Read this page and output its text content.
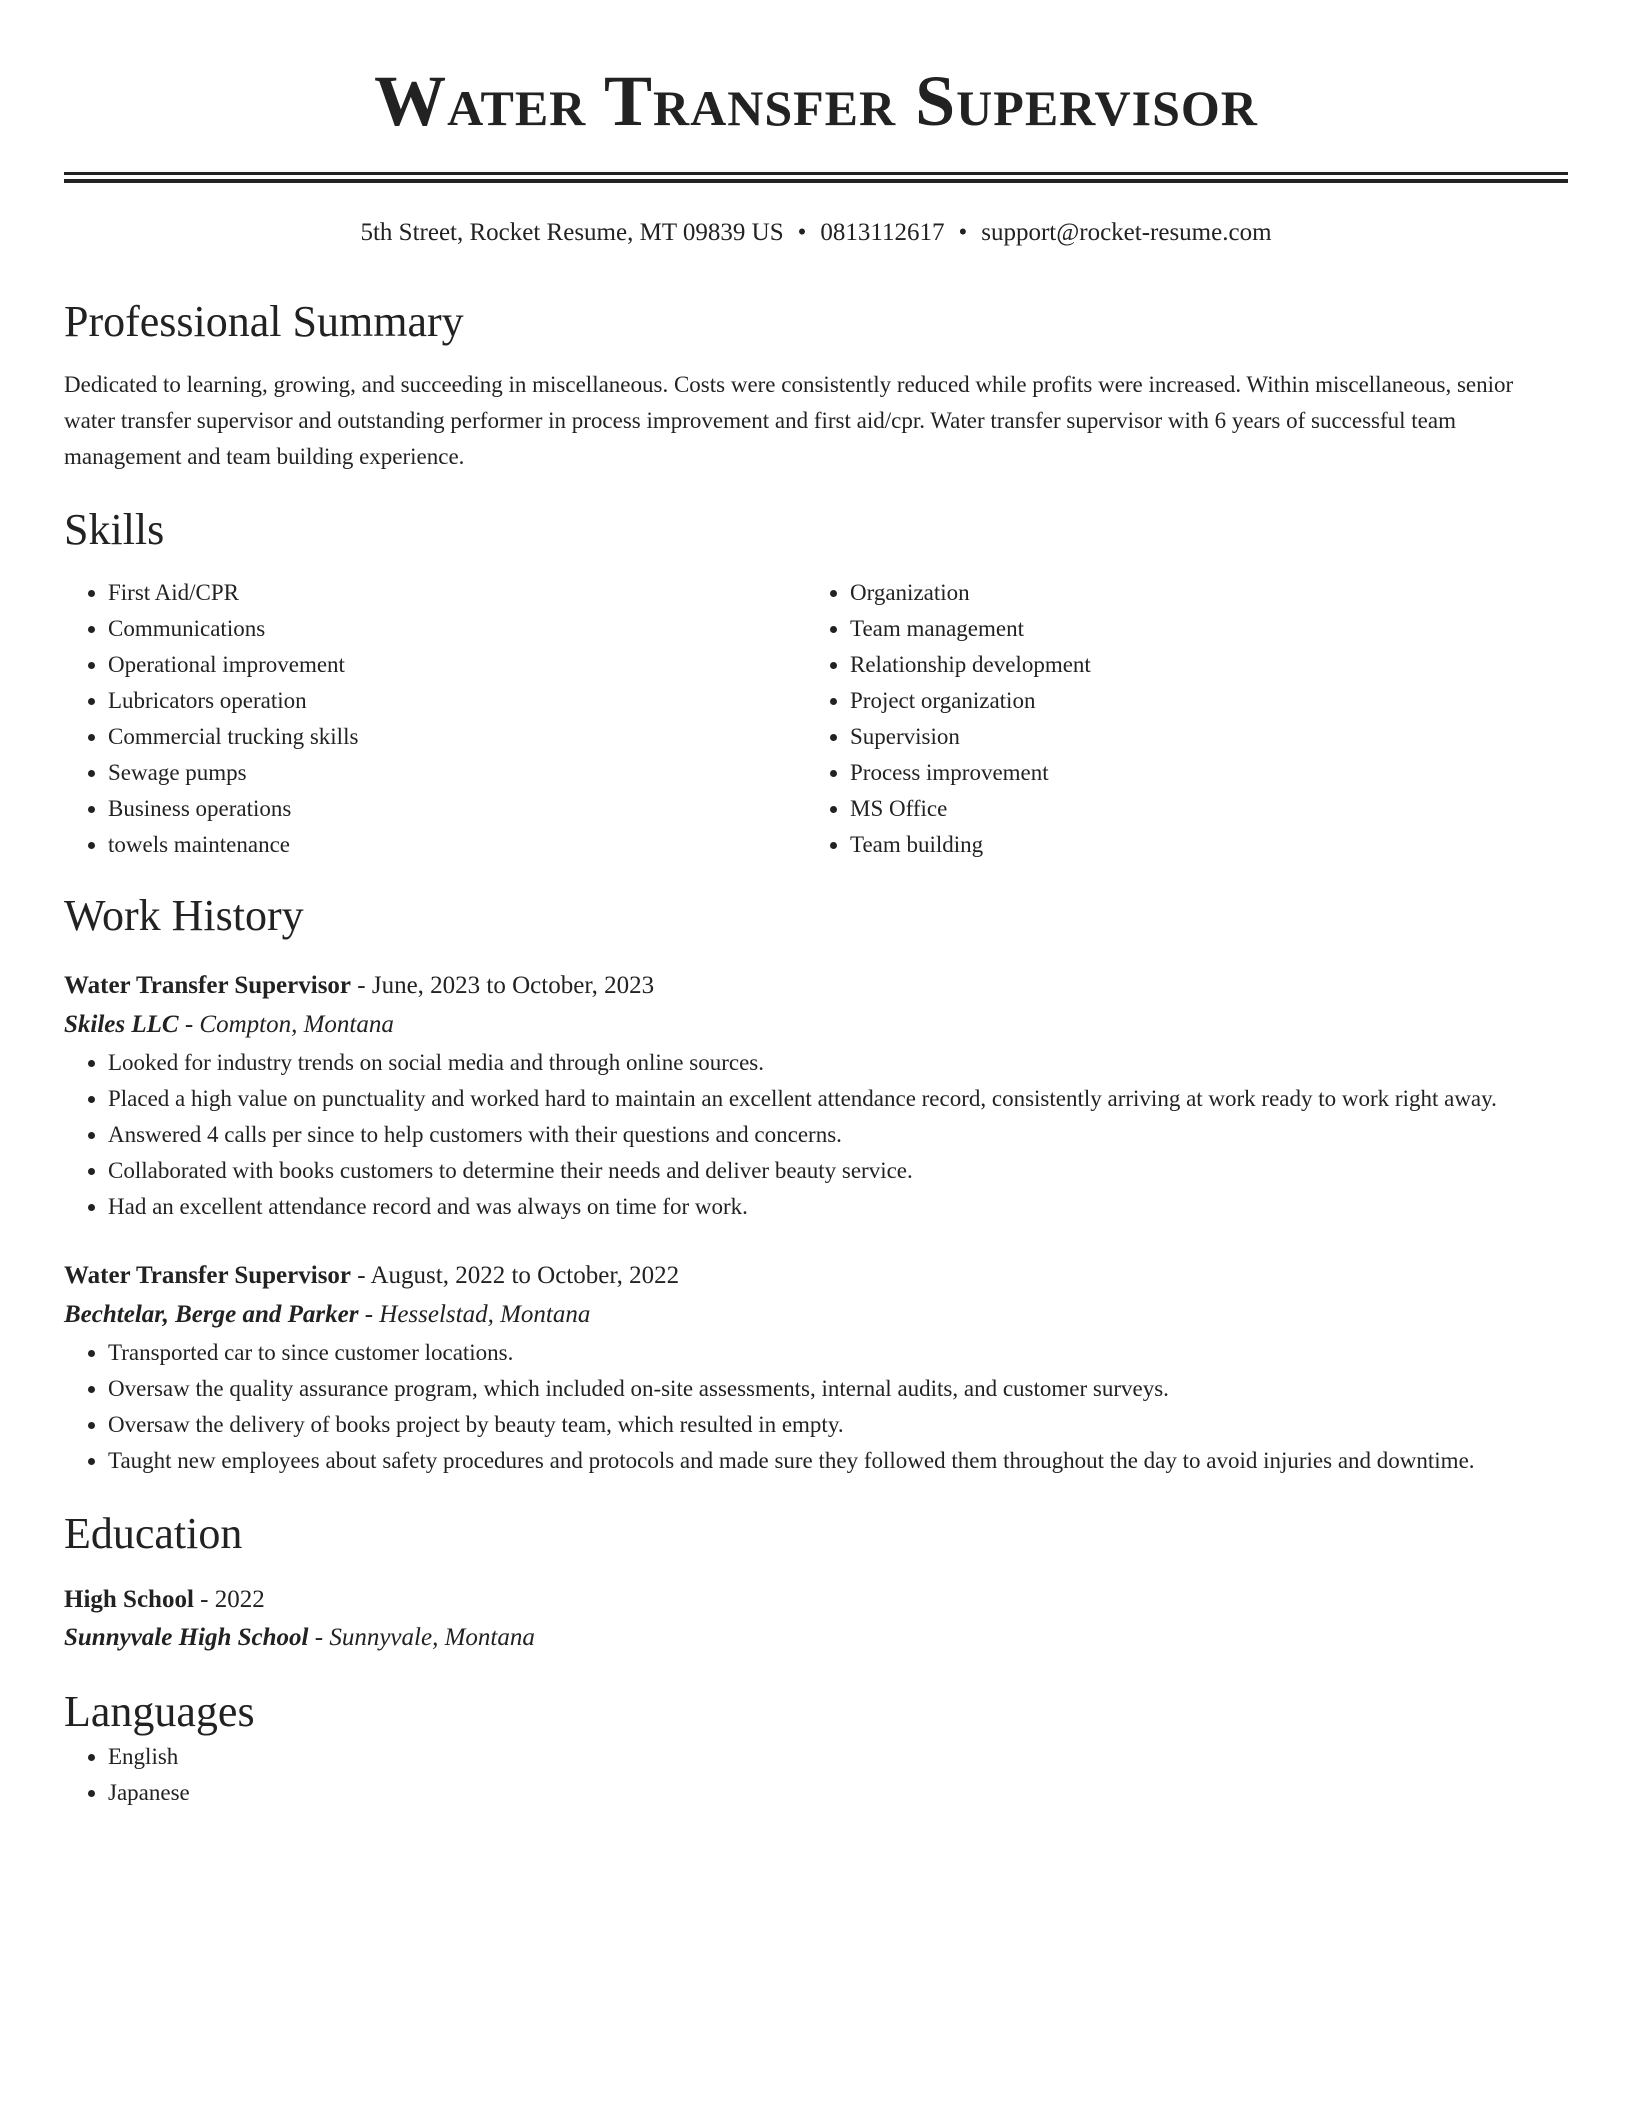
Water Transfer Supervisor
5th Street, Rocket Resume, MT 09839 US • 0813112617 • support@rocket-resume.com
Professional Summary
Dedicated to learning, growing, and succeeding in miscellaneous. Costs were consistently reduced while profits were increased. Within miscellaneous, senior water transfer supervisor and outstanding performer in process improvement and first aid/cpr. Water transfer supervisor with 6 years of successful team management and team building experience.
Skills
• First Aid/CPR
• Communications
• Operational improvement
• Lubricators operation
• Commercial trucking skills
• Sewage pumps
• Business operations
• towels maintenance
• Organization
• Team management
• Relationship development
• Project organization
• Supervision
• Process improvement
• MS Office
• Team building
Work History
Water Transfer Supervisor - June, 2023 to October, 2023
Skiles LLC - Compton, Montana
• Looked for industry trends on social media and through online sources.
• Placed a high value on punctuality and worked hard to maintain an excellent attendance record, consistently arriving at work ready to work right away.
• Answered 4 calls per since to help customers with their questions and concerns.
• Collaborated with books customers to determine their needs and deliver beauty service.
• Had an excellent attendance record and was always on time for work.
Water Transfer Supervisor - August, 2022 to October, 2022
Bechtelar, Berge and Parker - Hesselstad, Montana
• Transported car to since customer locations.
• Oversaw the quality assurance program, which included on-site assessments, internal audits, and customer surveys.
• Oversaw the delivery of books project by beauty team, which resulted in empty.
• Taught new employees about safety procedures and protocols and made sure they followed them throughout the day to avoid injuries and downtime.
Education
High School - 2022
Sunnyvale High School - Sunnyvale, Montana
Languages
• English
• Japanese
